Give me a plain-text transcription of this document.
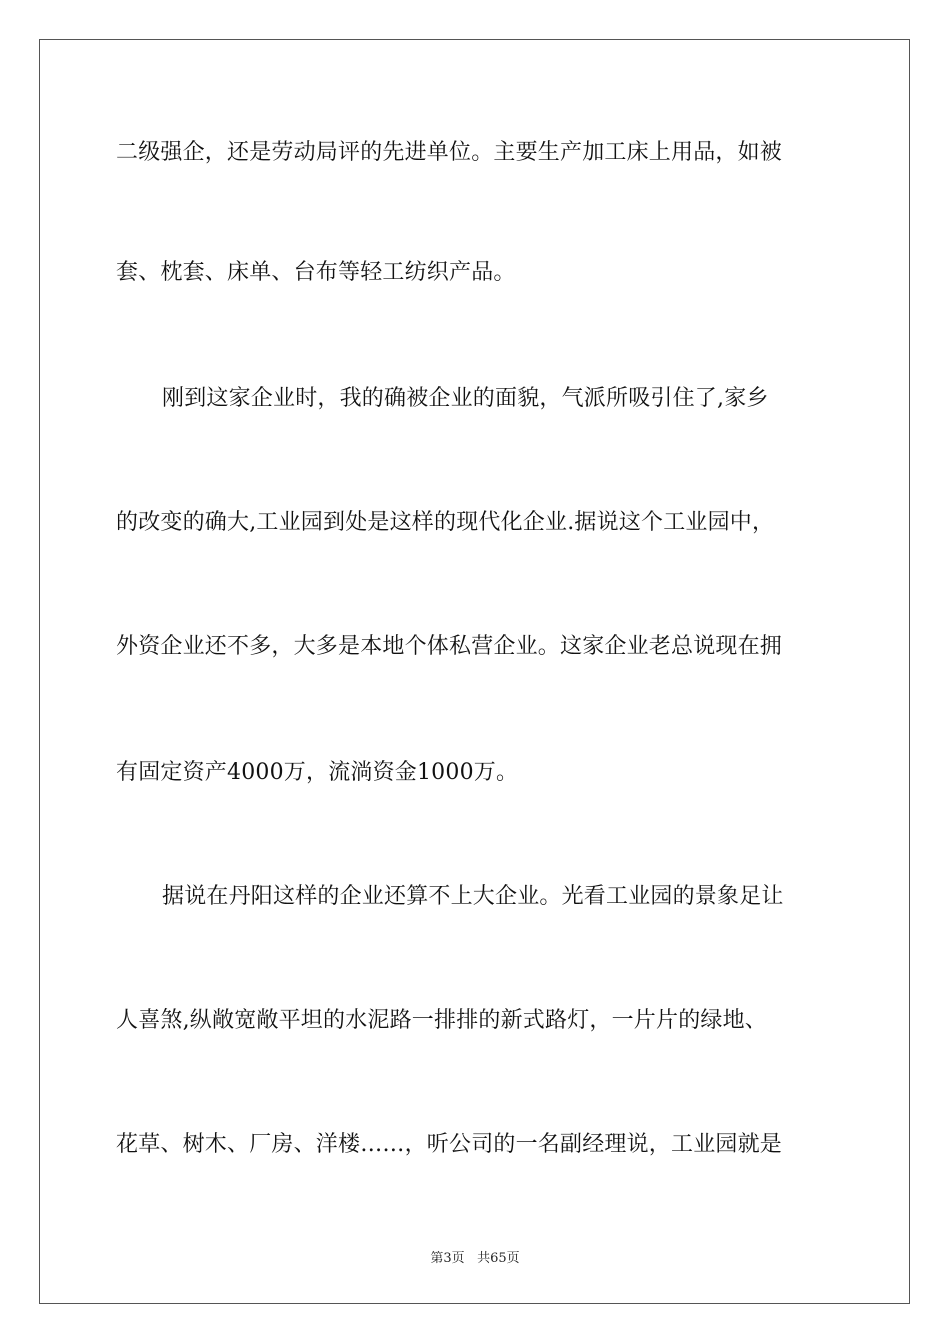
二级强企，还是劳动局评的先进单位。主要生产加工床上用品，如被
套、枕套、床单、台布等轻工纺织产品。
刚到这家企业时，我的确被企业的面貌，气派所吸引住了,家乡
的改变的确大,工业园到处是这样的现代化企业.据说这个工业园中，
外资企业还不多，大多是本地个体私营企业。这家企业老总说现在拥
有固定资产4000万，流淌资金1000万。
据说在丹阳这样的企业还算不上大企业。光看工业园的景象足让
人喜煞,纵敞宽敞平坦的水泥路一排排的新式路灯，一片片的绿地、
花草、树木、厂房、洋楼……，听公司的一名副经理说，工业园就是
第3页 共65页
